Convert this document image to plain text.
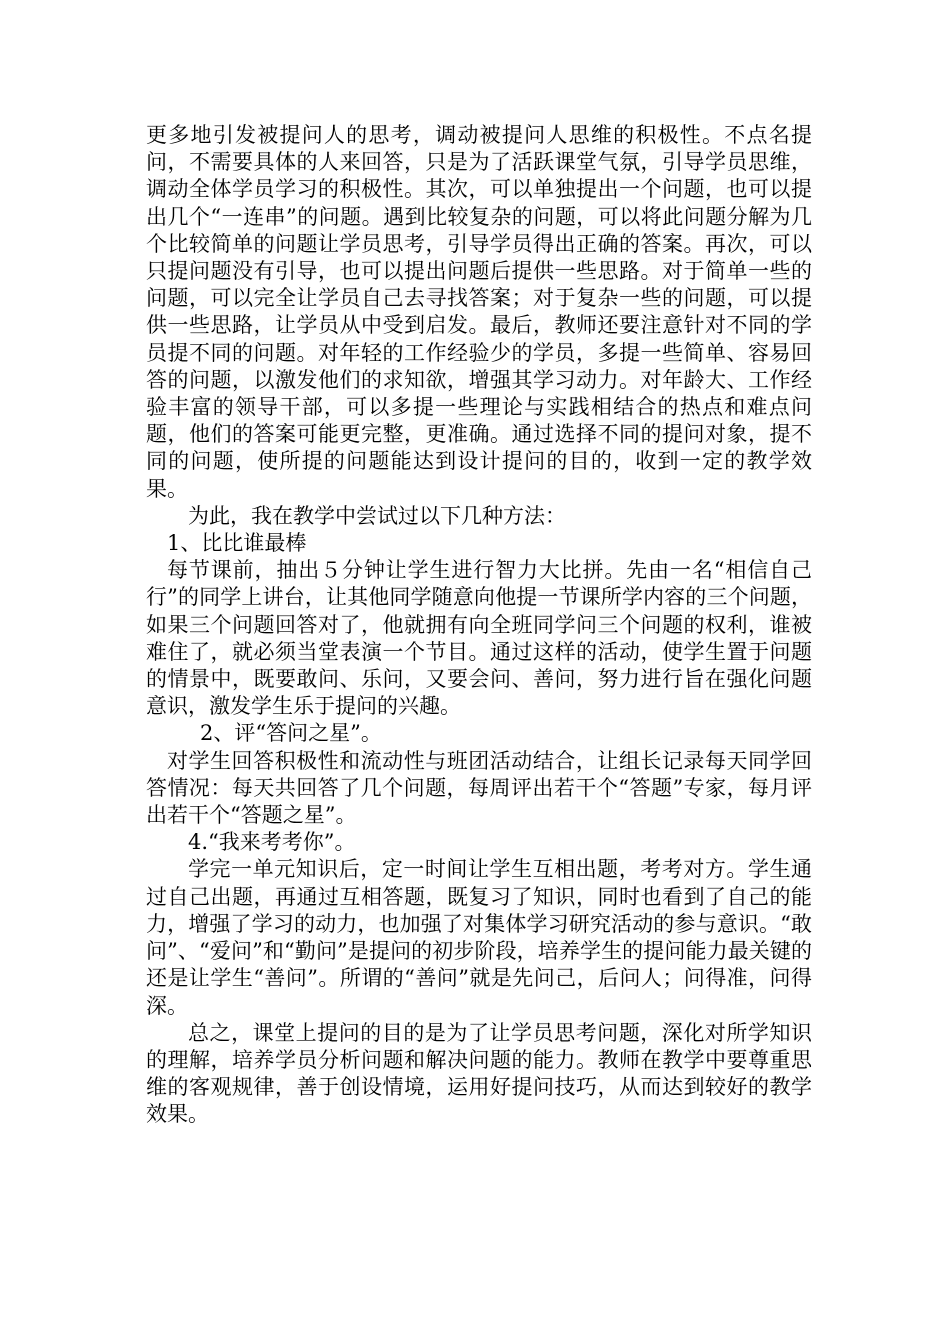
更多地引发被提问人的思考，调动被提问人思维的积极性。不点名提问，不需要具体的人来回答，只是为了活跃课堂气氛，引导学员思维，调动全体学员学习的积极性。其次，可以单独提出一个问题，也可以提出几个“一连串”的问题。遇到比较复杂的问题，可以将此问题分解为几个比较简单的问题让学员思考，引导学员得出正确的答案。再次，可以只提问题没有引导，也可以提出问题后提供一些思路。对于简单一些的问题，可以完全让学员自己去寻找答案；对于复杂一些的问题，可以提供一些思路，让学员从中受到启发。最后，教师还要注意针对不同的学员提不同的问题。对年轻的工作经验少的学员，多提一些简单、容易回答的问题，以激发他们的求知欲，增强其学习动力。对年龄大、工作经验丰富的领导干部，可以多提一些理论与实践相结合的热点和难点问题，他们的答案可能更完整，更准确。通过选择不同的提问对象，提不同的问题，使所提的问题能达到设计提问的目的，收到一定的教学效果。

为此，我在教学中尝试过以下几种方法：

1、比比谁最棒

每节课前，抽出５分钟让学生进行智力大比拼。先由一名“相信自己行”的同学上讲台，让其他同学随意向他提一节课所学内容的三个问题，如果三个问题回答对了，他就拥有向全班同学问三个问题的权利，谁被难住了，就必须当堂表演一个节目。通过这样的活动，使学生置于问题的情景中，既要敢问、乐问，又要会问、善问，努力进行旨在强化问题意识，激发学生乐于提问的兴趣。

2、评“答问之星”。

对学生回答积极性和流动性与班团活动结合，让组长记录每天同学回答情况：每天共回答了几个问题，每周评出若干个“答题”专家，每月评出若干个“答题之星”。

4.“我来考考你”。

学完一单元知识后，定一时间让学生互相出题，考考对方。学生通过自己出题，再通过互相答题，既复习了知识，同时也看到了自己的能力，增强了学习的动力，也加强了对集体学习研究活动的参与意识。“敢问”、“爱问”和“勤问”是提问的初步阶段，培养学生的提问能力最关键的还是让学生“善问”。所谓的“善问”就是先问己，后问人；问得准，问得深。

总之，课堂上提问的目的是为了让学员思考问题，深化对所学知识的理解，培养学员分析问题和解决问题的能力。教师在教学中要尊重思维的客观规律，善于创设情境，运用好提问技巧，从而达到较好的教学效果。
